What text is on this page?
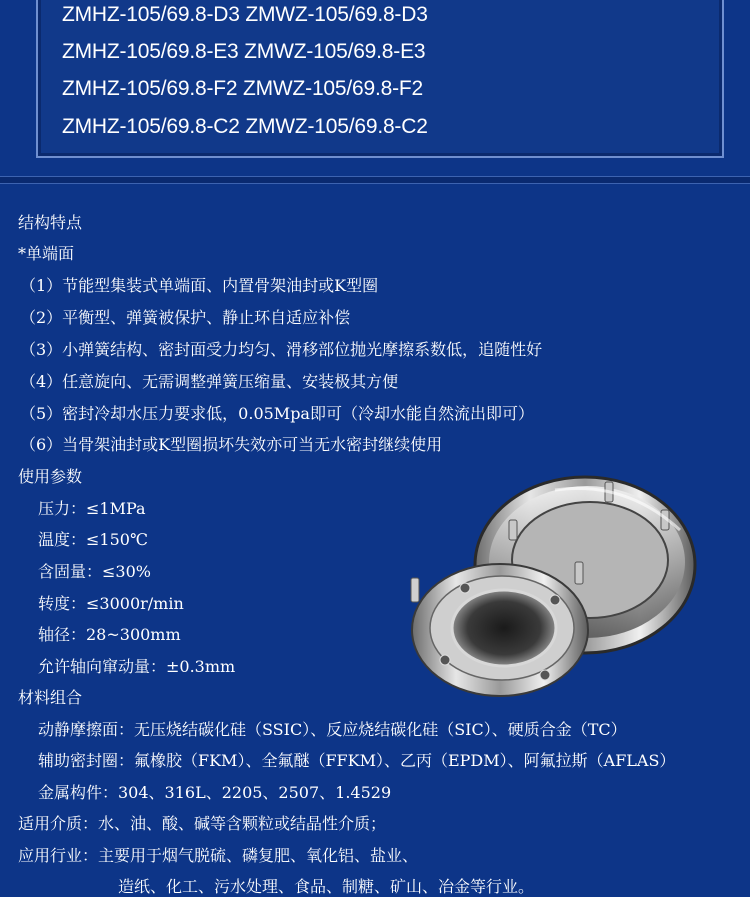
ZMHZ-105/69.8-D3 ZMWZ-105/69.8-D3
ZMHZ-105/69.8-E3 ZMWZ-105/69.8-E3
ZMHZ-105/69.8-F2 ZMWZ-105/69.8-F2
ZMHZ-105/69.8-C2 ZMWZ-105/69.8-C2
结构特点
*单端面
（1）节能型集装式单端面、内置骨架油封或K型圈
（2）平衡型、弹簧被保护、静止环自适应补偿
（3）小弹簧结构、密封面受力均匀、滑移部位抛光摩擦系数低，追随性好
（4）任意旋向、无需调整弹簧压缩量、安装极其方便
（5）密封冷却水压力要求低，0.05Mpa即可（冷却水能自然流出即可）
（6）当骨架油封或K型圈损坏失效亦可当无水密封继续使用
使用参数
压力：≤1MPa
温度：≤150℃
含固量：≤30%
转度：≤3000r/min
轴径：28~300mm
允许轴向窜动量：±0.3mm
材料组合
动静摩擦面：无压烧结碳化硅（SSIC）、反应烧结碳化硅（SIC）、硬质合金（TC）
辅助密封圈：氟橡胶（FKM）、全氟醚（FFKM）、乙丙（EPDM）、阿氟拉斯（AFLAS）
金属构件：304、316L、2205、2507、1.4529
适用介质：水、油、酸、碱等含颗粒或结晶性介质；
应用行业：主要用于烟气脱硫、磷复肥、氧化铝、盐业、
造纸、化工、污水处理、食品、制糖、矿山、冶金等行业。
